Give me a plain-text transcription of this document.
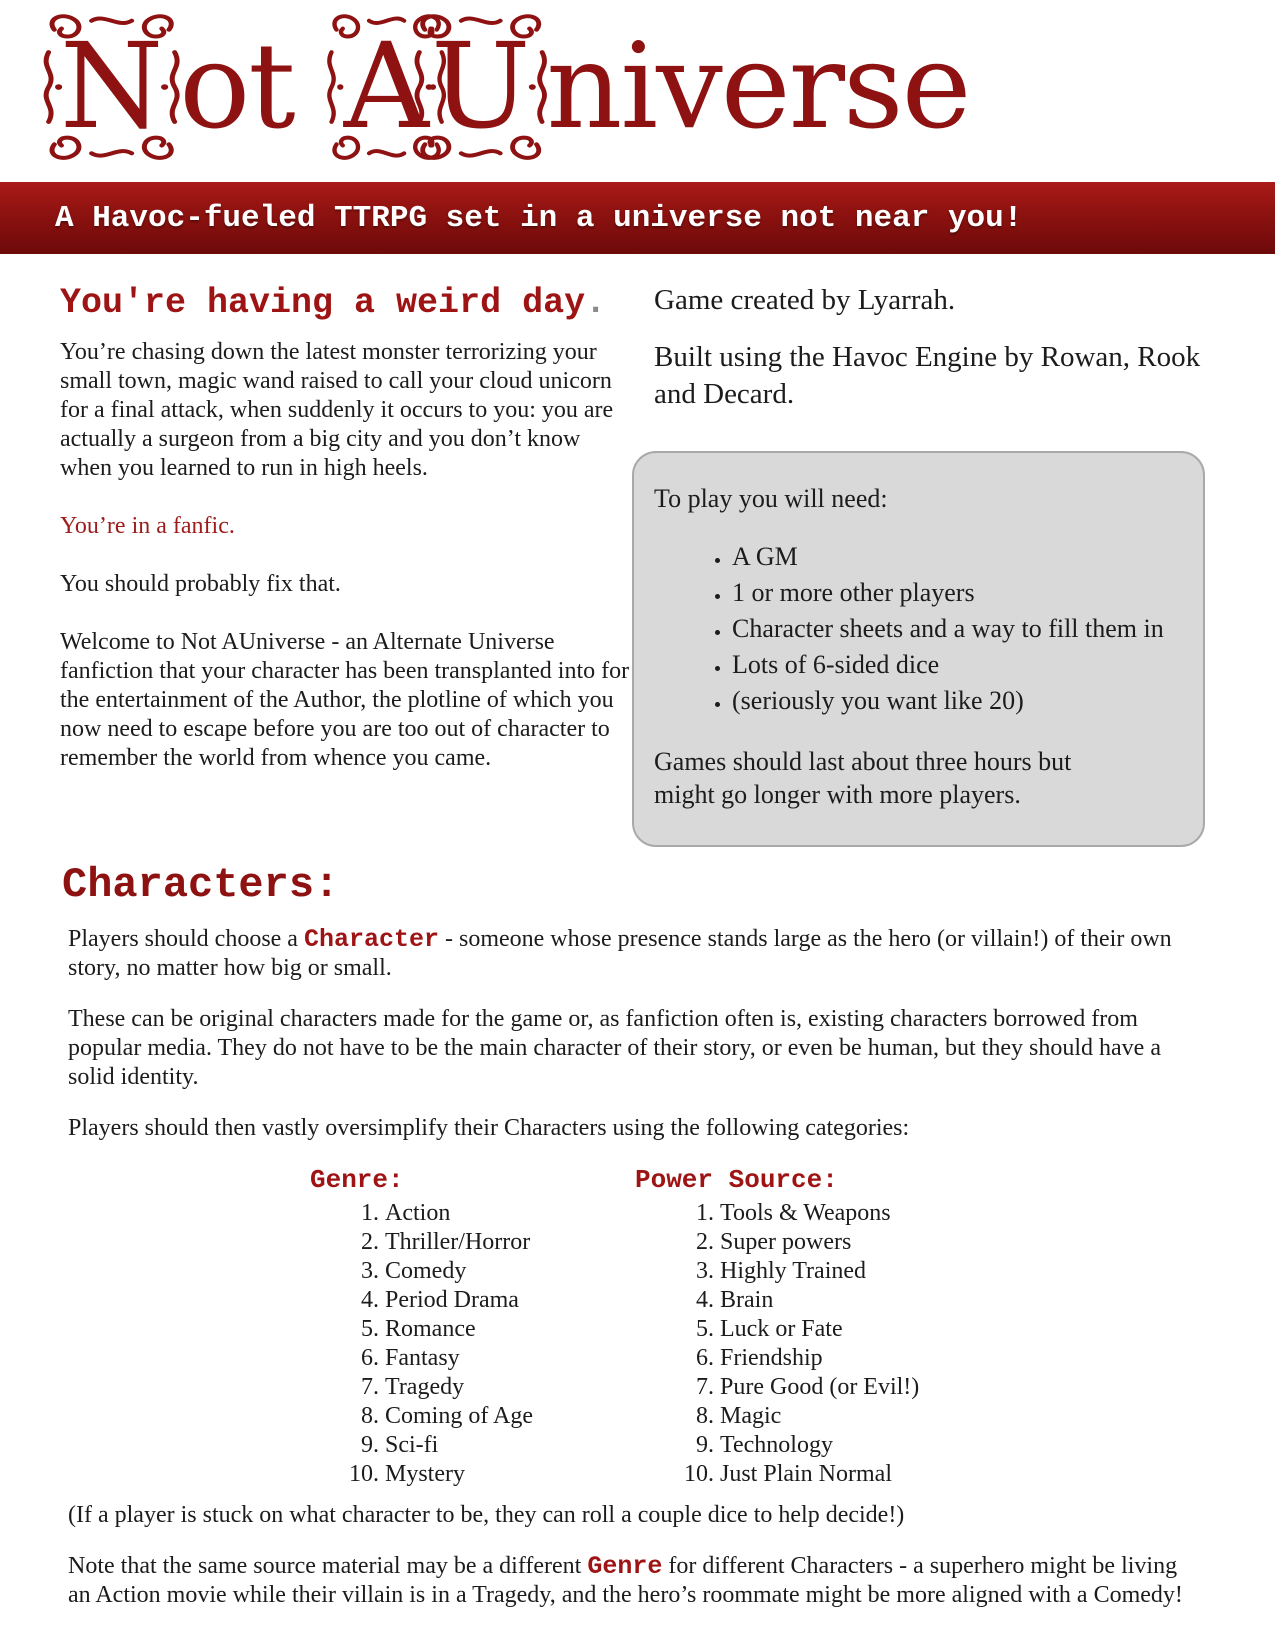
N ot A U niverse
A Havoc-fueled TTRPG set in a universe not near you!
You're having a weird day.

You’re chasing down the latest monster terrorizing your small town, magic wand raised to call your cloud unicorn for a final attack, when suddenly it occurs to you: you are actually a surgeon from a big city and you don’t know when you learned to run in high heels.

You’re in a fanfic.

You should probably fix that.

Welcome to Not AUniverse - an Alternate Universe fanfiction that your character has been transplanted into for the entertainment of the Author, the plotline of which you now need to escape before you are too out of character to remember the world from whence you came.

Game created by Lyarrah.

Built using the Havoc Engine by Rowan, Rook and Decard.

To play you will need:

• A GM
• 1 or more other players
• Character sheets and a way to fill them in
• Lots of 6-sided dice
• (seriously you want like 20)

Games should last about three hours but might go longer with more players.

Characters:

Players should choose a Character - someone whose presence stands large as the hero (or villain!) of their own story, no matter how big or small.

These can be original characters made for the game or, as fanfiction often is, existing characters borrowed from popular media. They do not have to be the main character of their story, or even be human, but they should have a solid identity.

Players should then vastly oversimplify their Characters using the following categories:

Genre:
1. Action
2. Thriller/Horror
3. Comedy
4. Period Drama
5. Romance
6. Fantasy
7. Tragedy
8. Coming of Age
9. Sci-fi
10. Mystery
Power Source:
1. Tools & Weapons
2. Super powers
3. Highly Trained
4. Brain
5. Luck or Fate
6. Friendship
7. Pure Good (or Evil!)
8. Magic
9. Technology
10. Just Plain Normal

(If a player is stuck on what character to be, they can roll a couple dice to help decide!)

Note that the same source material may be a different Genre for different Characters - a superhero might be living an Action movie while their villain is in a Tragedy, and the hero’s roommate might be more aligned with a Comedy!
